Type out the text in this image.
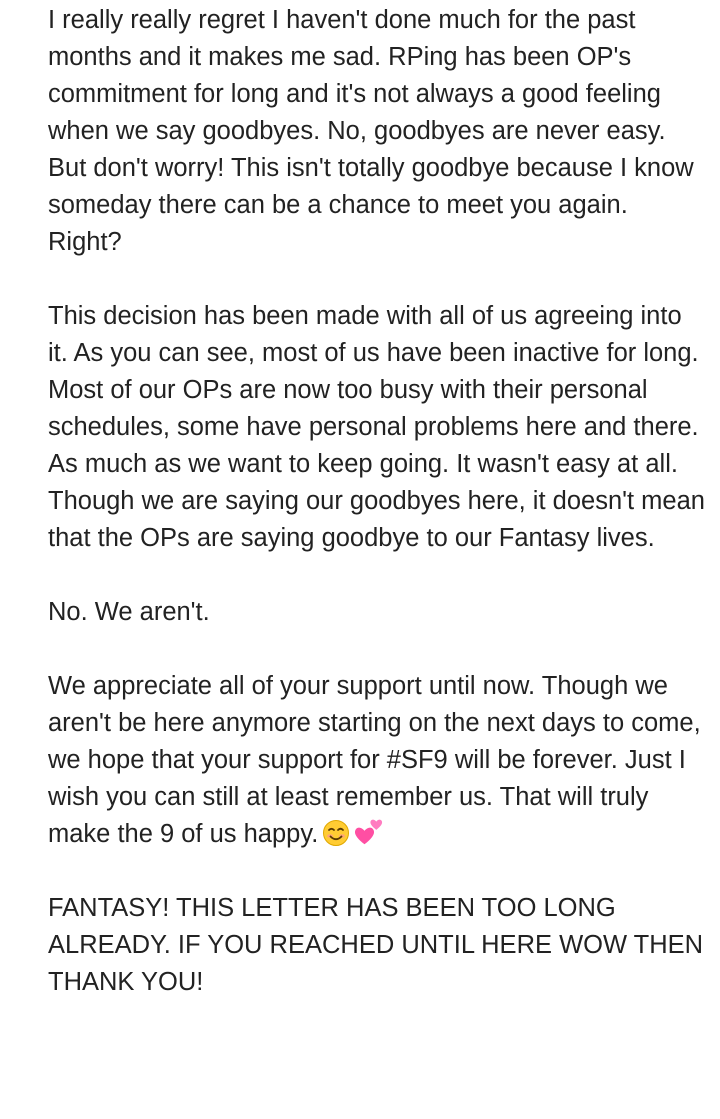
I really really regret I haven't done much for the past months and it makes me sad. RPing has been OP's commitment for long and it's not always a good feeling when we say goodbyes. No, goodbyes are never easy. But don't worry! This isn't totally goodbye because I know someday there can be a chance to meet you again. Right?

This decision has been made with all of us agreeing into it. As you can see, most of us have been inactive for long. Most of our OPs are now too busy with their personal schedules, some have personal problems here and there. As much as we want to keep going. It wasn't easy at all. Though we are saying our goodbyes here, it doesn't mean that the OPs are saying goodbye to our Fantasy lives.

No. We aren't.

We appreciate all of your support until now. Though we aren't be here anymore starting on the next days to come, we hope that your support for #SF9 will be forever. Just I wish you can still at least remember us. That will truly make the 9 of us happy.

FANTASY! THIS LETTER HAS BEEN TOO LONG ALREADY. IF YOU REACHED UNTIL HERE WOW THEN THANK YOU!
